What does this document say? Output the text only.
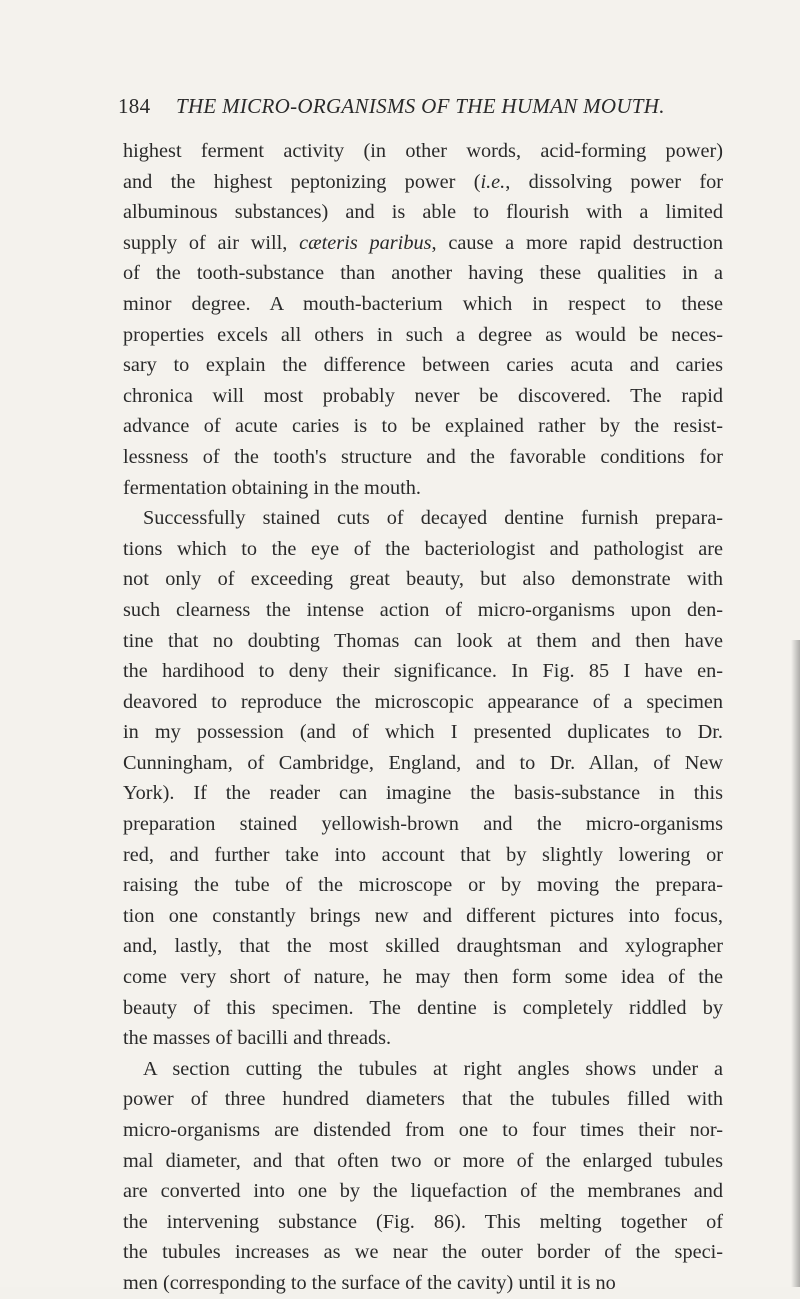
184 THE MICRO-ORGANISMS OF THE HUMAN MOUTH.
highest ferment activity (in other words, acid-forming power)
and the highest peptonizing power (i.e., dissolving power for
albuminous substances) and is able to flourish with a limited
supply of air will, cæteris paribus, cause a more rapid destruction
of the tooth-substance than another having these qualities in a
minor degree. A mouth-bacterium which in respect to these
properties excels all others in such a degree as would be neces-
sary to explain the difference between caries acuta and caries
chronica will most probably never be discovered. The rapid
advance of acute caries is to be explained rather by the resist-
lessness of the tooth's structure and the favorable conditions for
fermentation obtaining in the mouth.
Successfully stained cuts of decayed dentine furnish prepara-
tions which to the eye of the bacteriologist and pathologist are
not only of exceeding great beauty, but also demonstrate with
such clearness the intense action of micro-organisms upon den-
tine that no doubting Thomas can look at them and then have
the hardihood to deny their significance. In Fig. 85 I have en-
deavored to reproduce the microscopic appearance of a specimen
in my possession (and of which I presented duplicates to Dr.
Cunningham, of Cambridge, England, and to Dr. Allan, of New
York). If the reader can imagine the basis-substance in this
preparation stained yellowish-brown and the micro-organisms
red, and further take into account that by slightly lowering or
raising the tube of the microscope or by moving the prepara-
tion one constantly brings new and different pictures into focus,
and, lastly, that the most skilled draughtsman and xylographer
come very short of nature, he may then form some idea of the
beauty of this specimen. The dentine is completely riddled by
the masses of bacilli and threads.
A section cutting the tubules at right angles shows under a
power of three hundred diameters that the tubules filled with
micro-organisms are distended from one to four times their nor-
mal diameter, and that often two or more of the enlarged tubules
are converted into one by the liquefaction of the membranes and
the intervening substance (Fig. 86). This melting together of
the tubules increases as we near the outer border of the speci-
men (corresponding to the surface of the cavity) until it is no
